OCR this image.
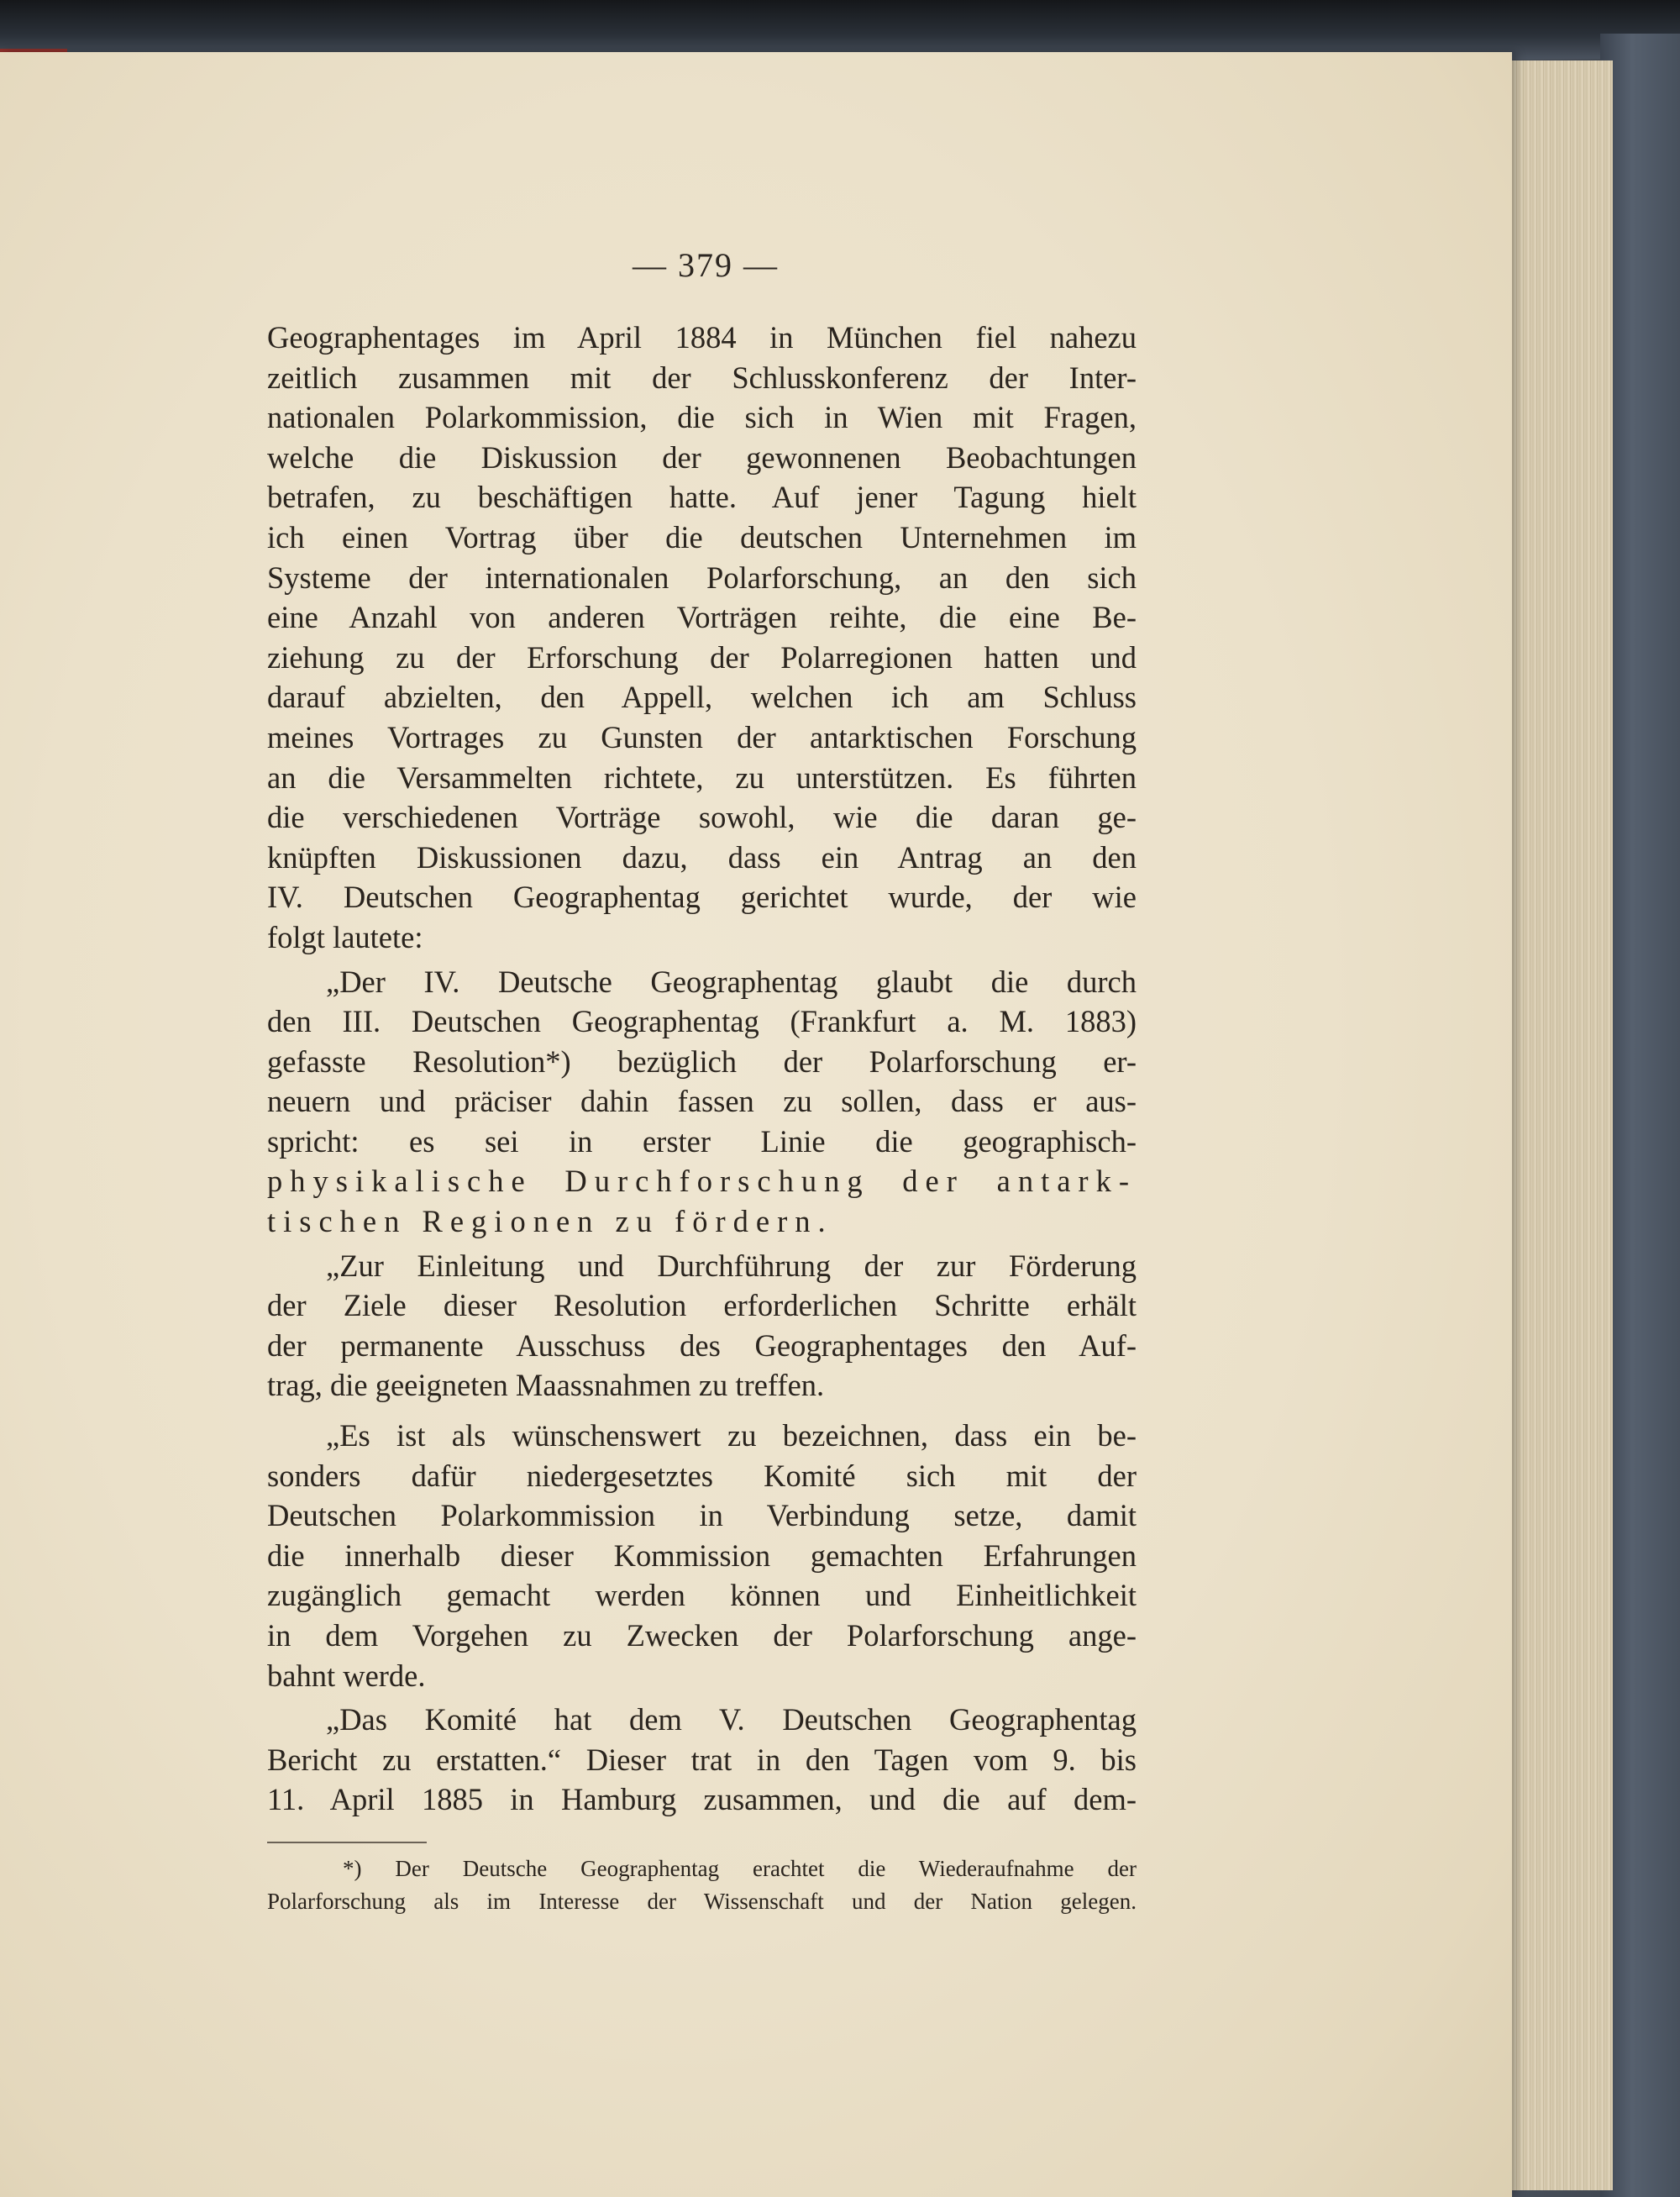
— 379 —
Geographentages im April 1884 in München fiel nahezu
zeitlich zusammen mit der Schlusskonferenz der Inter-
nationalen Polarkommission, die sich in Wien mit Fragen,
welche die Diskussion der gewonnenen Beobachtungen
betrafen, zu beschäftigen hatte. Auf jener Tagung hielt
ich einen Vortrag über die deutschen Unternehmen im
Systeme der internationalen Polarforschung, an den sich
eine Anzahl von anderen Vorträgen reihte, die eine Be-
ziehung zu der Erforschung der Polarregionen hatten und
darauf abzielten, den Appell, welchen ich am Schluss
meines Vortrages zu Gunsten der antarktischen Forschung
an die Versammelten richtete, zu unterstützen. Es führten
die verschiedenen Vorträge sowohl, wie die daran ge-
knüpften Diskussionen dazu, dass ein Antrag an den
IV. Deutschen Geographentag gerichtet wurde, der wie
folgt lautete:
„Der IV. Deutsche Geographentag glaubt die durch
den III. Deutschen Geographentag (Frankfurt a. M. 1883)
gefasste Resolution*) bezüglich der Polarforschung er-
neuern und präciser dahin fassen zu sollen, dass er aus-
spricht: es sei in erster Linie die geographisch-
physikalische Durchforschung der antark-
tischen Regionen zu fördern.
„Zur Einleitung und Durchführung der zur Förderung
der Ziele dieser Resolution erforderlichen Schritte erhält
der permanente Ausschuss des Geographentages den Auf-
trag, die geeigneten Maassnahmen zu treffen.
„Es ist als wünschenswert zu bezeichnen, dass ein be-
sonders dafür niedergesetztes Komité sich mit der
Deutschen Polarkommission in Verbindung setze, damit
die innerhalb dieser Kommission gemachten Erfahrungen
zugänglich gemacht werden können und Einheitlichkeit
in dem Vorgehen zu Zwecken der Polarforschung ange-
bahnt werde.
„Das Komité hat dem V. Deutschen Geographentag
Bericht zu erstatten.“ Dieser trat in den Tagen vom 9. bis
11. April 1885 in Hamburg zusammen, und die auf dem-
*) Der Deutsche Geographentag erachtet die Wiederaufnahme der
Polarforschung als im Interesse der Wissenschaft und der Nation gelegen.
